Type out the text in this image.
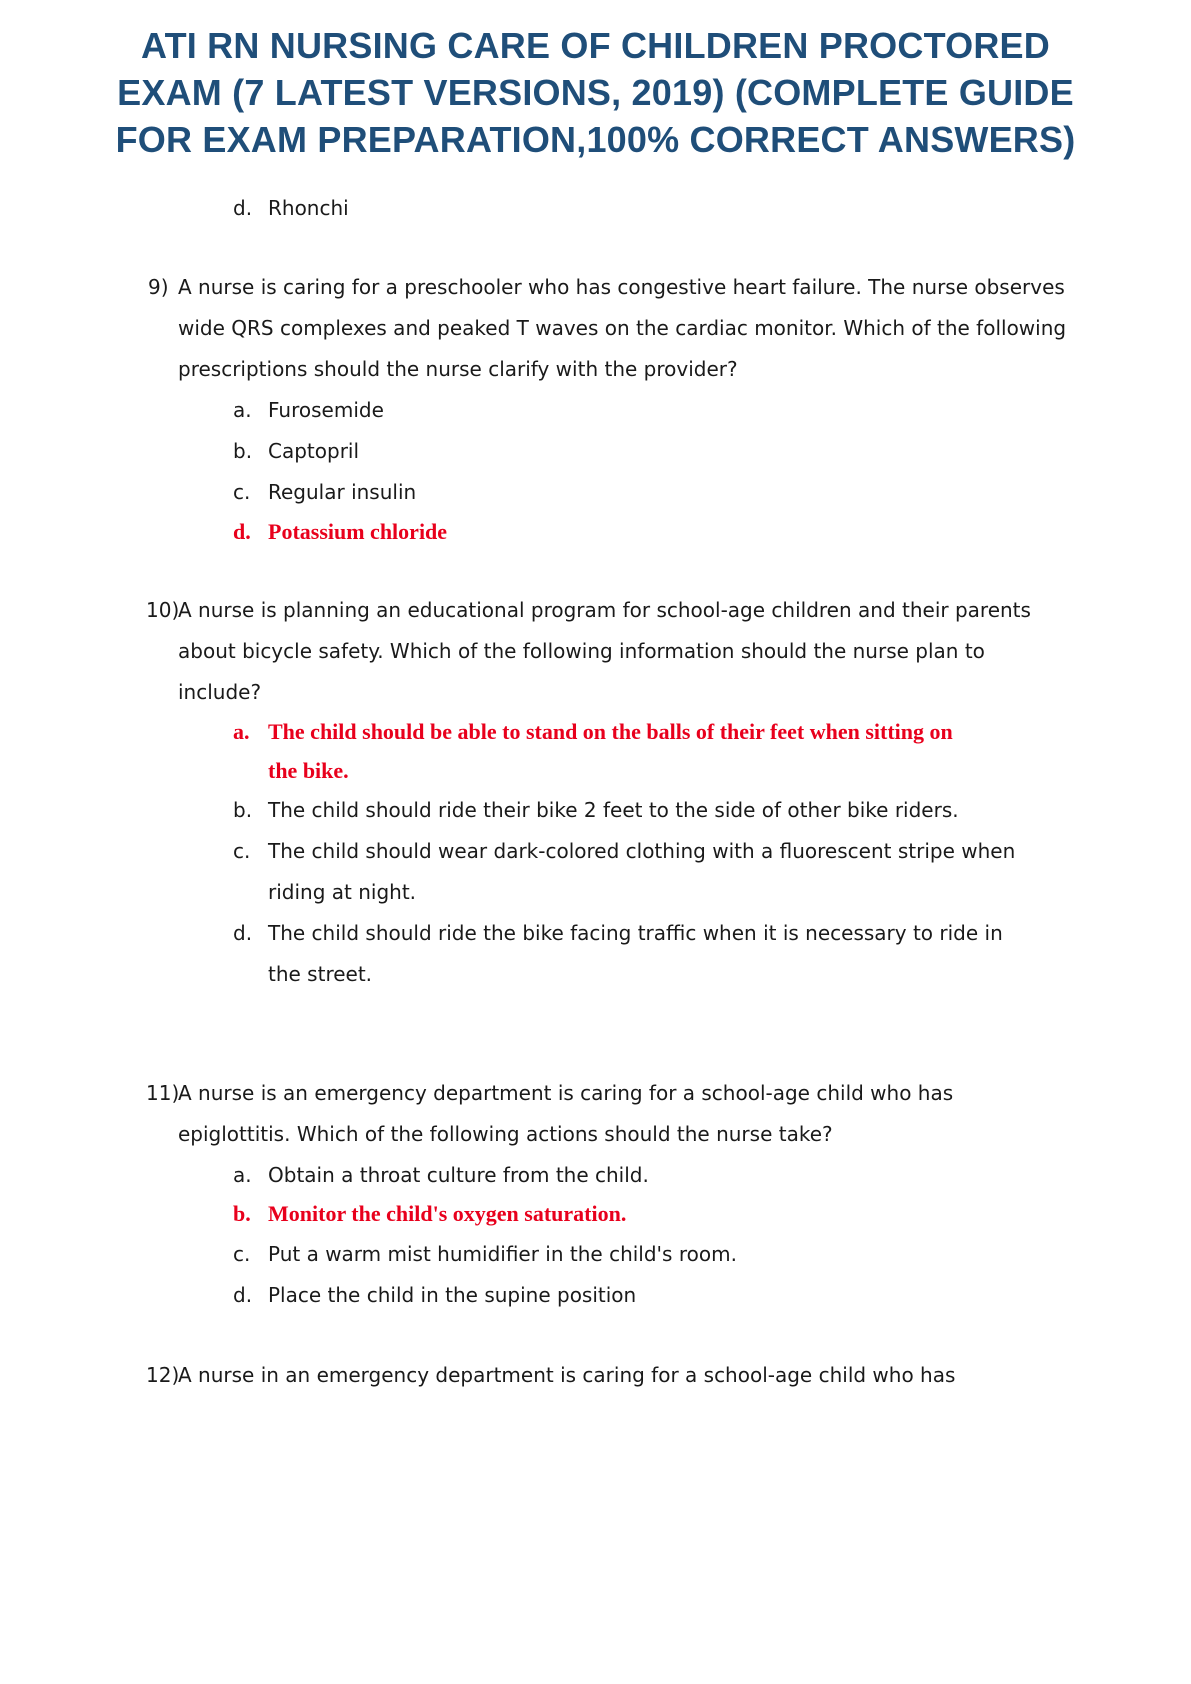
ATI RN NURSING CARE OF CHILDREN PROCTORED
EXAM (7 LATEST VERSIONS, 2019) (COMPLETE GUIDE
FOR EXAM PREPARATION,100% CORRECT ANSWERS)
d. Rhonchi
9) A nurse is caring for a preschooler who has congestive heart failure. The nurse observes
wide QRS complexes and peaked T waves on the cardiac monitor. Which of the following
prescriptions should the nurse clarify with the provider?
a. Furosemide
b. Captopril
c. Regular insulin
d. Potassium chloride
10)
A nurse is planning an educational program for school-age children and their parents
about bicycle safety. Which of the following information should the nurse plan to
include?
a. The child should be able to stand on the balls of their feet when sitting on
the bike.
b. The child should ride their bike 2 feet to the side of other bike riders.
c. The child should wear dark-colored clothing with a fluorescent stripe when
riding at night.
d. The child should ride the bike facing traffic when it is necessary to ride in
the street.
11)
A nurse is an emergency department is caring for a school-age child who has
epiglottitis. Which of the following actions should the nurse take?
a. Obtain a throat culture from the child.
b. Monitor the child's oxygen saturation.
c. Put a warm mist humidifier in the child's room.
d. Place the child in the supine position
12)
A nurse in an emergency department is caring for a school-age child who has
